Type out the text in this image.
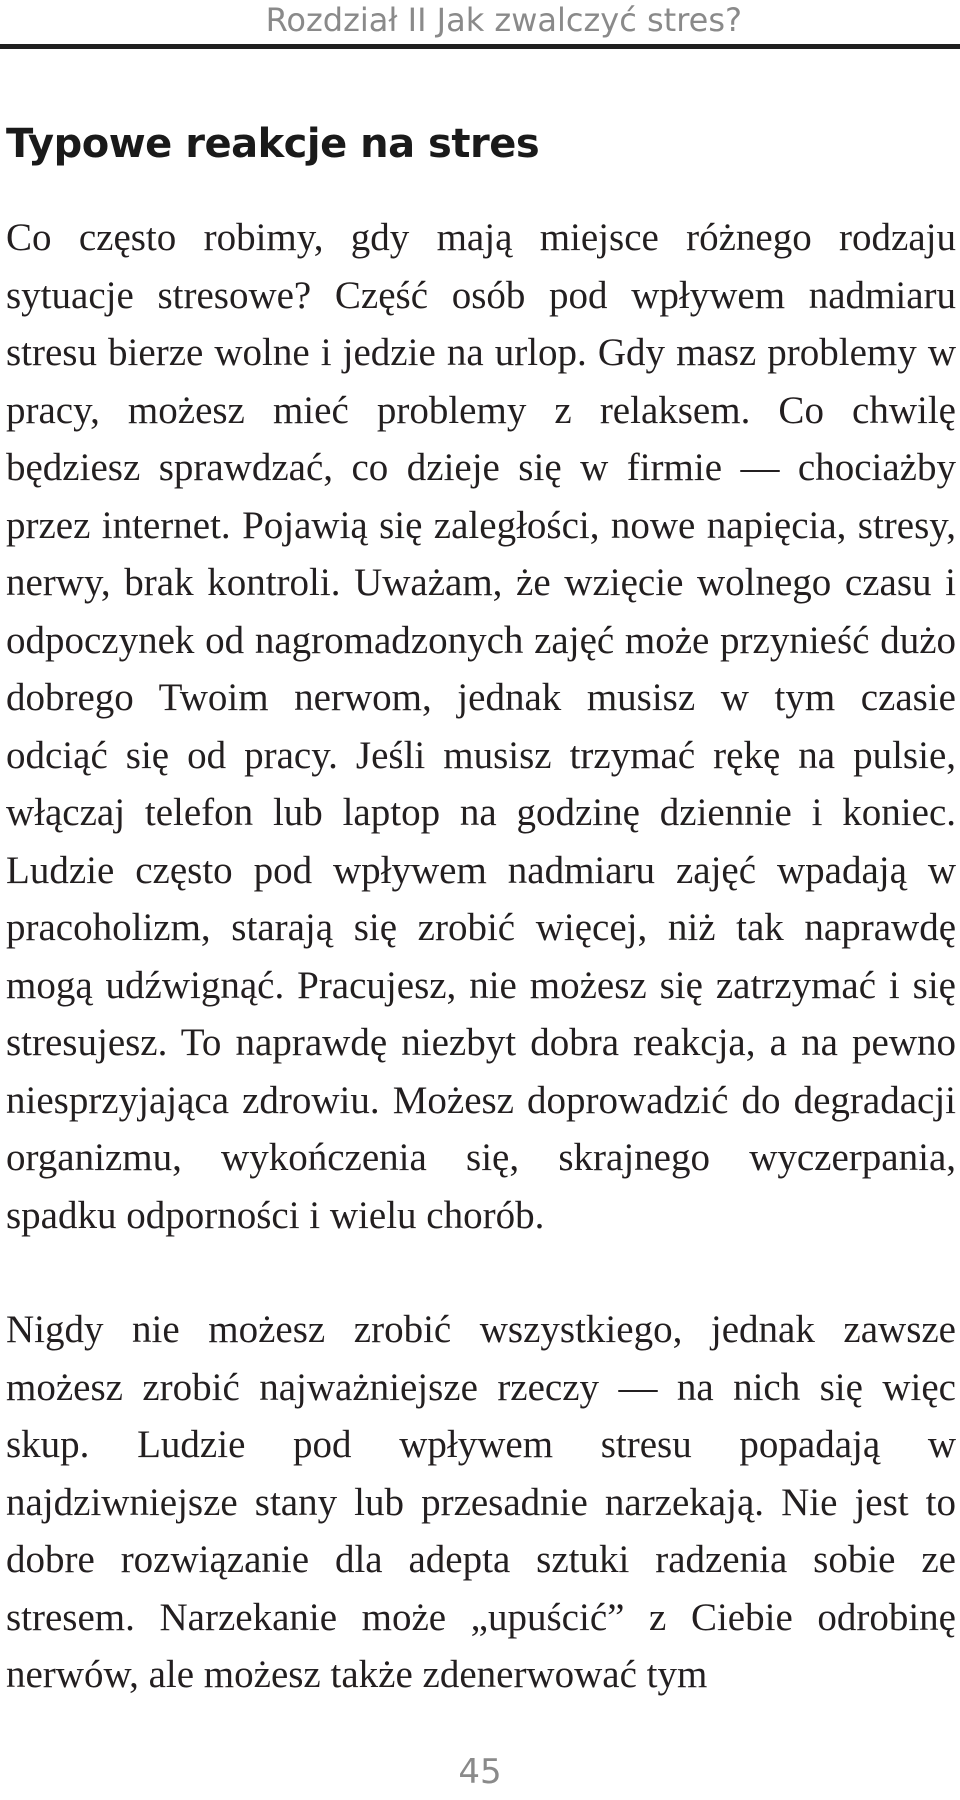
Rozdział II Jak zwalczyć stres?
Typowe reakcje na stres

Co często robimy, gdy mają miejsce różnego rodzaju sytuacje stresowe? Część osób pod wpływem nadmiaru stresu bierze wolne i jedzie na urlop. Gdy masz problemy w pracy, możesz mieć problemy z relaksem. Co chwilę będziesz sprawdzać, co dzieje się w firmie — chociażby przez internet. Pojawią się zaległości, nowe napięcia, stresy, nerwy, brak kontroli. Uważam, że wzięcie wolnego czasu i odpoczynek od nagromadzonych zajęć może przynieść dużo dobrego Twoim nerwom, jednak musisz w tym czasie odciąć się od pracy. Jeśli musisz trzymać rękę na pulsie, włączaj telefon lub laptop na godzinę dziennie i koniec. Ludzie często pod wpływem nadmiaru zajęć wpadają w pracoholizm, starają się zrobić więcej, niż tak naprawdę mogą udźwignąć. Pracujesz, nie możesz się zatrzymać i się stresujesz. To naprawdę niezbyt dobra reakcja, a na pewno niesprzyjająca zdrowiu. Możesz doprowadzić do degradacji organizmu, wykończenia się, skrajnego wyczerpania, spadku odporności i wielu chorób.

Nigdy nie możesz zrobić wszystkiego, jednak zawsze możesz zrobić najważniejsze rzeczy — na nich się więc skup. Ludzie pod wpływem stresu popadają w najdziwniejsze stany lub przesadnie narzekają. Nie jest to dobre rozwiązanie dla adepta sztuki radzenia sobie ze stresem. Narzekanie może „upuścić” z Ciebie odrobinę nerwów, ale możesz także zdenerwować tym

45
